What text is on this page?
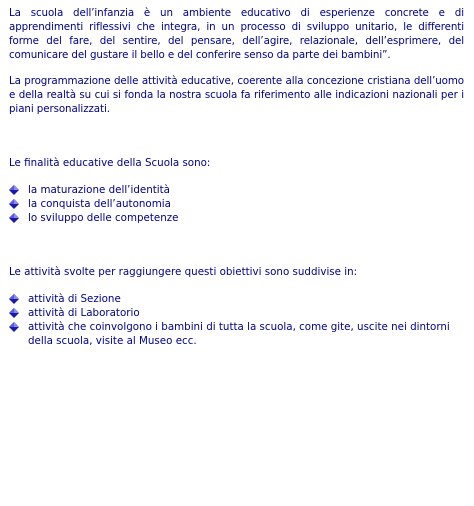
La scuola dell’infanzia è un ambiente educativo di esperienze concrete e di apprendimenti riflessivi che integra, in un processo di sviluppo unitario, le differenti forme del fare, del sentire, del pensare, dell’agire, relazionale, dell’esprimere, del comunicare del gustare il bello e del conferire senso da parte dei bambini”.

La programmazione delle attività educative, coerente alla concezione cristiana dell’uomo e della realtà su cui si fonda la nostra scuola fa riferimento alle indicazioni nazionali per i piani personalizzati.

Le finalità educative della Scuola sono:

la maturazione dell’identità
la conquista dell’autonomia
lo sviluppo delle competenze

Le attività svolte per raggiungere questi obiettivi sono suddivise in:

attività di Sezione
attività di Laboratorio
attività che coinvolgono i bambini di tutta la scuola, come gite, uscite nei dintorni della scuola, visite al Museo ecc.
